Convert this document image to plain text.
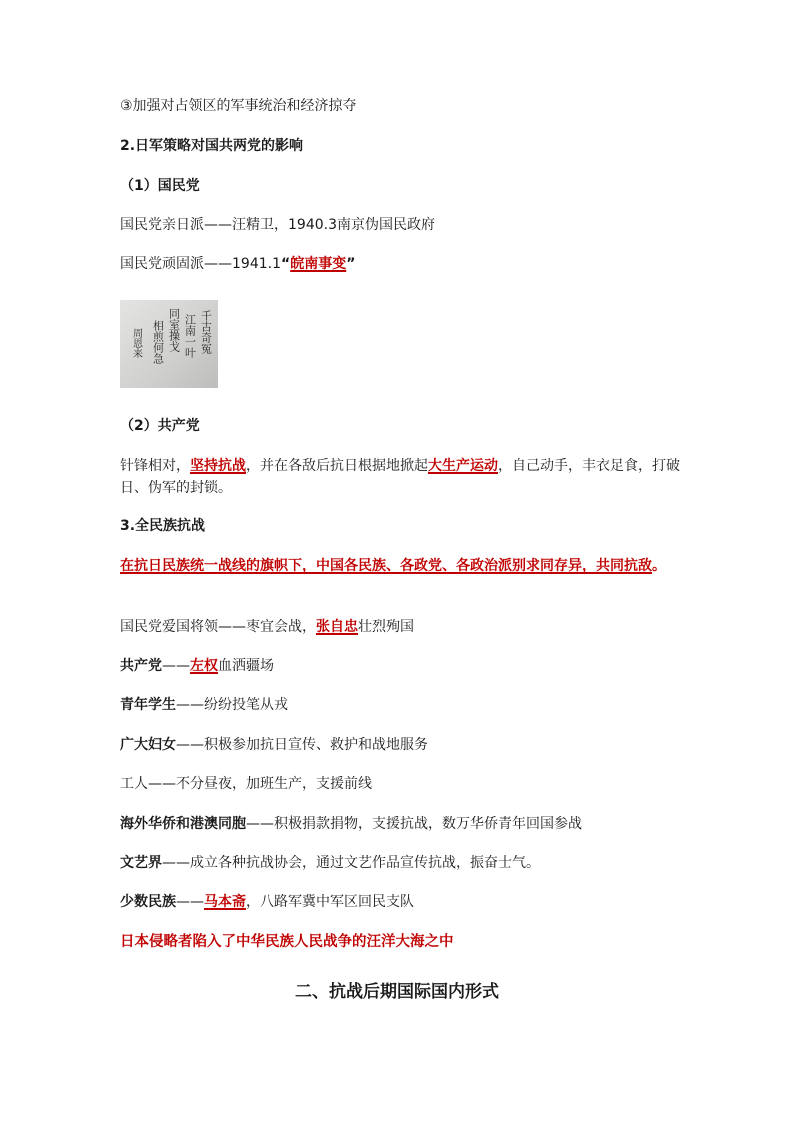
③加强对占领区的军事统治和经济掠夺
2.日军策略对国共两党的影响
（1）国民党
国民党亲日派——汪精卫，1940.3南京伪国民政府
国民党顽固派——1941.1“皖南事变”
千古奇冤
江南一叶
同室操戈
相煎何急
周恩来
（2）共产党
针锋相对，坚持抗战，并在各敌后抗日根据地掀起大生产运动，自己动手，丰衣足食，打破日、伪军的封锁。
3.全民族抗战
在抗日民族统一战线的旗帜下，中国各民族、各政党、各政治派别求同存异，共同抗敌。
国民党爱国将领——枣宜会战，张自忠壮烈殉国
共产党——左权血洒疆场
青年学生——纷纷投笔从戎
广大妇女——积极参加抗日宣传、救护和战地服务
工人——不分昼夜，加班生产，支援前线
海外华侨和港澳同胞——积极捐款捐物，支援抗战，数万华侨青年回国参战
文艺界——成立各种抗战协会，通过文艺作品宣传抗战，振奋士气。
少数民族——马本斋，八路军冀中军区回民支队
日本侵略者陷入了中华民族人民战争的汪洋大海之中
二、抗战后期国际国内形式
